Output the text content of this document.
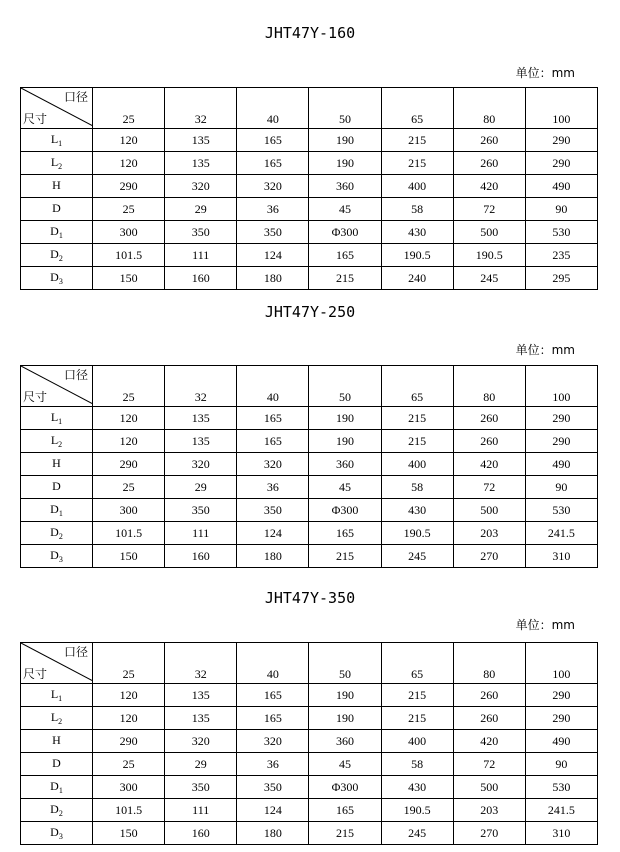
JHT47Y-160
单位：mm
口径
尺寸	25	32	40	50	65	80	100
$L_1$	120	135	165	190	215	260	290
$L_2$	120	135	165	190	215	260	290
H	290	320	320	360	400	420	490
D	25	29	36	45	58	72	90
$D_1$	300	350	350	Φ300	430	500	530
$D_2$	101.5	111	124	165	190.5	190.5	235
$D_3$	150	160	180	215	240	245	295
JHT47Y-250
单位：mm
口径
尺寸	25	32	40	50	65	80	100
$L_1$	120	135	165	190	215	260	290
$L_2$	120	135	165	190	215	260	290
H	290	320	320	360	400	420	490
D	25	29	36	45	58	72	90
$D_1$	300	350	350	Φ300	430	500	530
$D_2$	101.5	111	124	165	190.5	203	241.5
$D_3$	150	160	180	215	245	270	310
JHT47Y-350
单位：mm
口径
尺寸	25	32	40	50	65	80	100
$L_1$	120	135	165	190	215	260	290
$L_2$	120	135	165	190	215	260	290
H	290	320	320	360	400	420	490
D	25	29	36	45	58	72	90
$D_1$	300	350	350	Φ300	430	500	530
$D_2$	101.5	111	124	165	190.5	203	241.5
$D_3$	150	160	180	215	245	270	310
